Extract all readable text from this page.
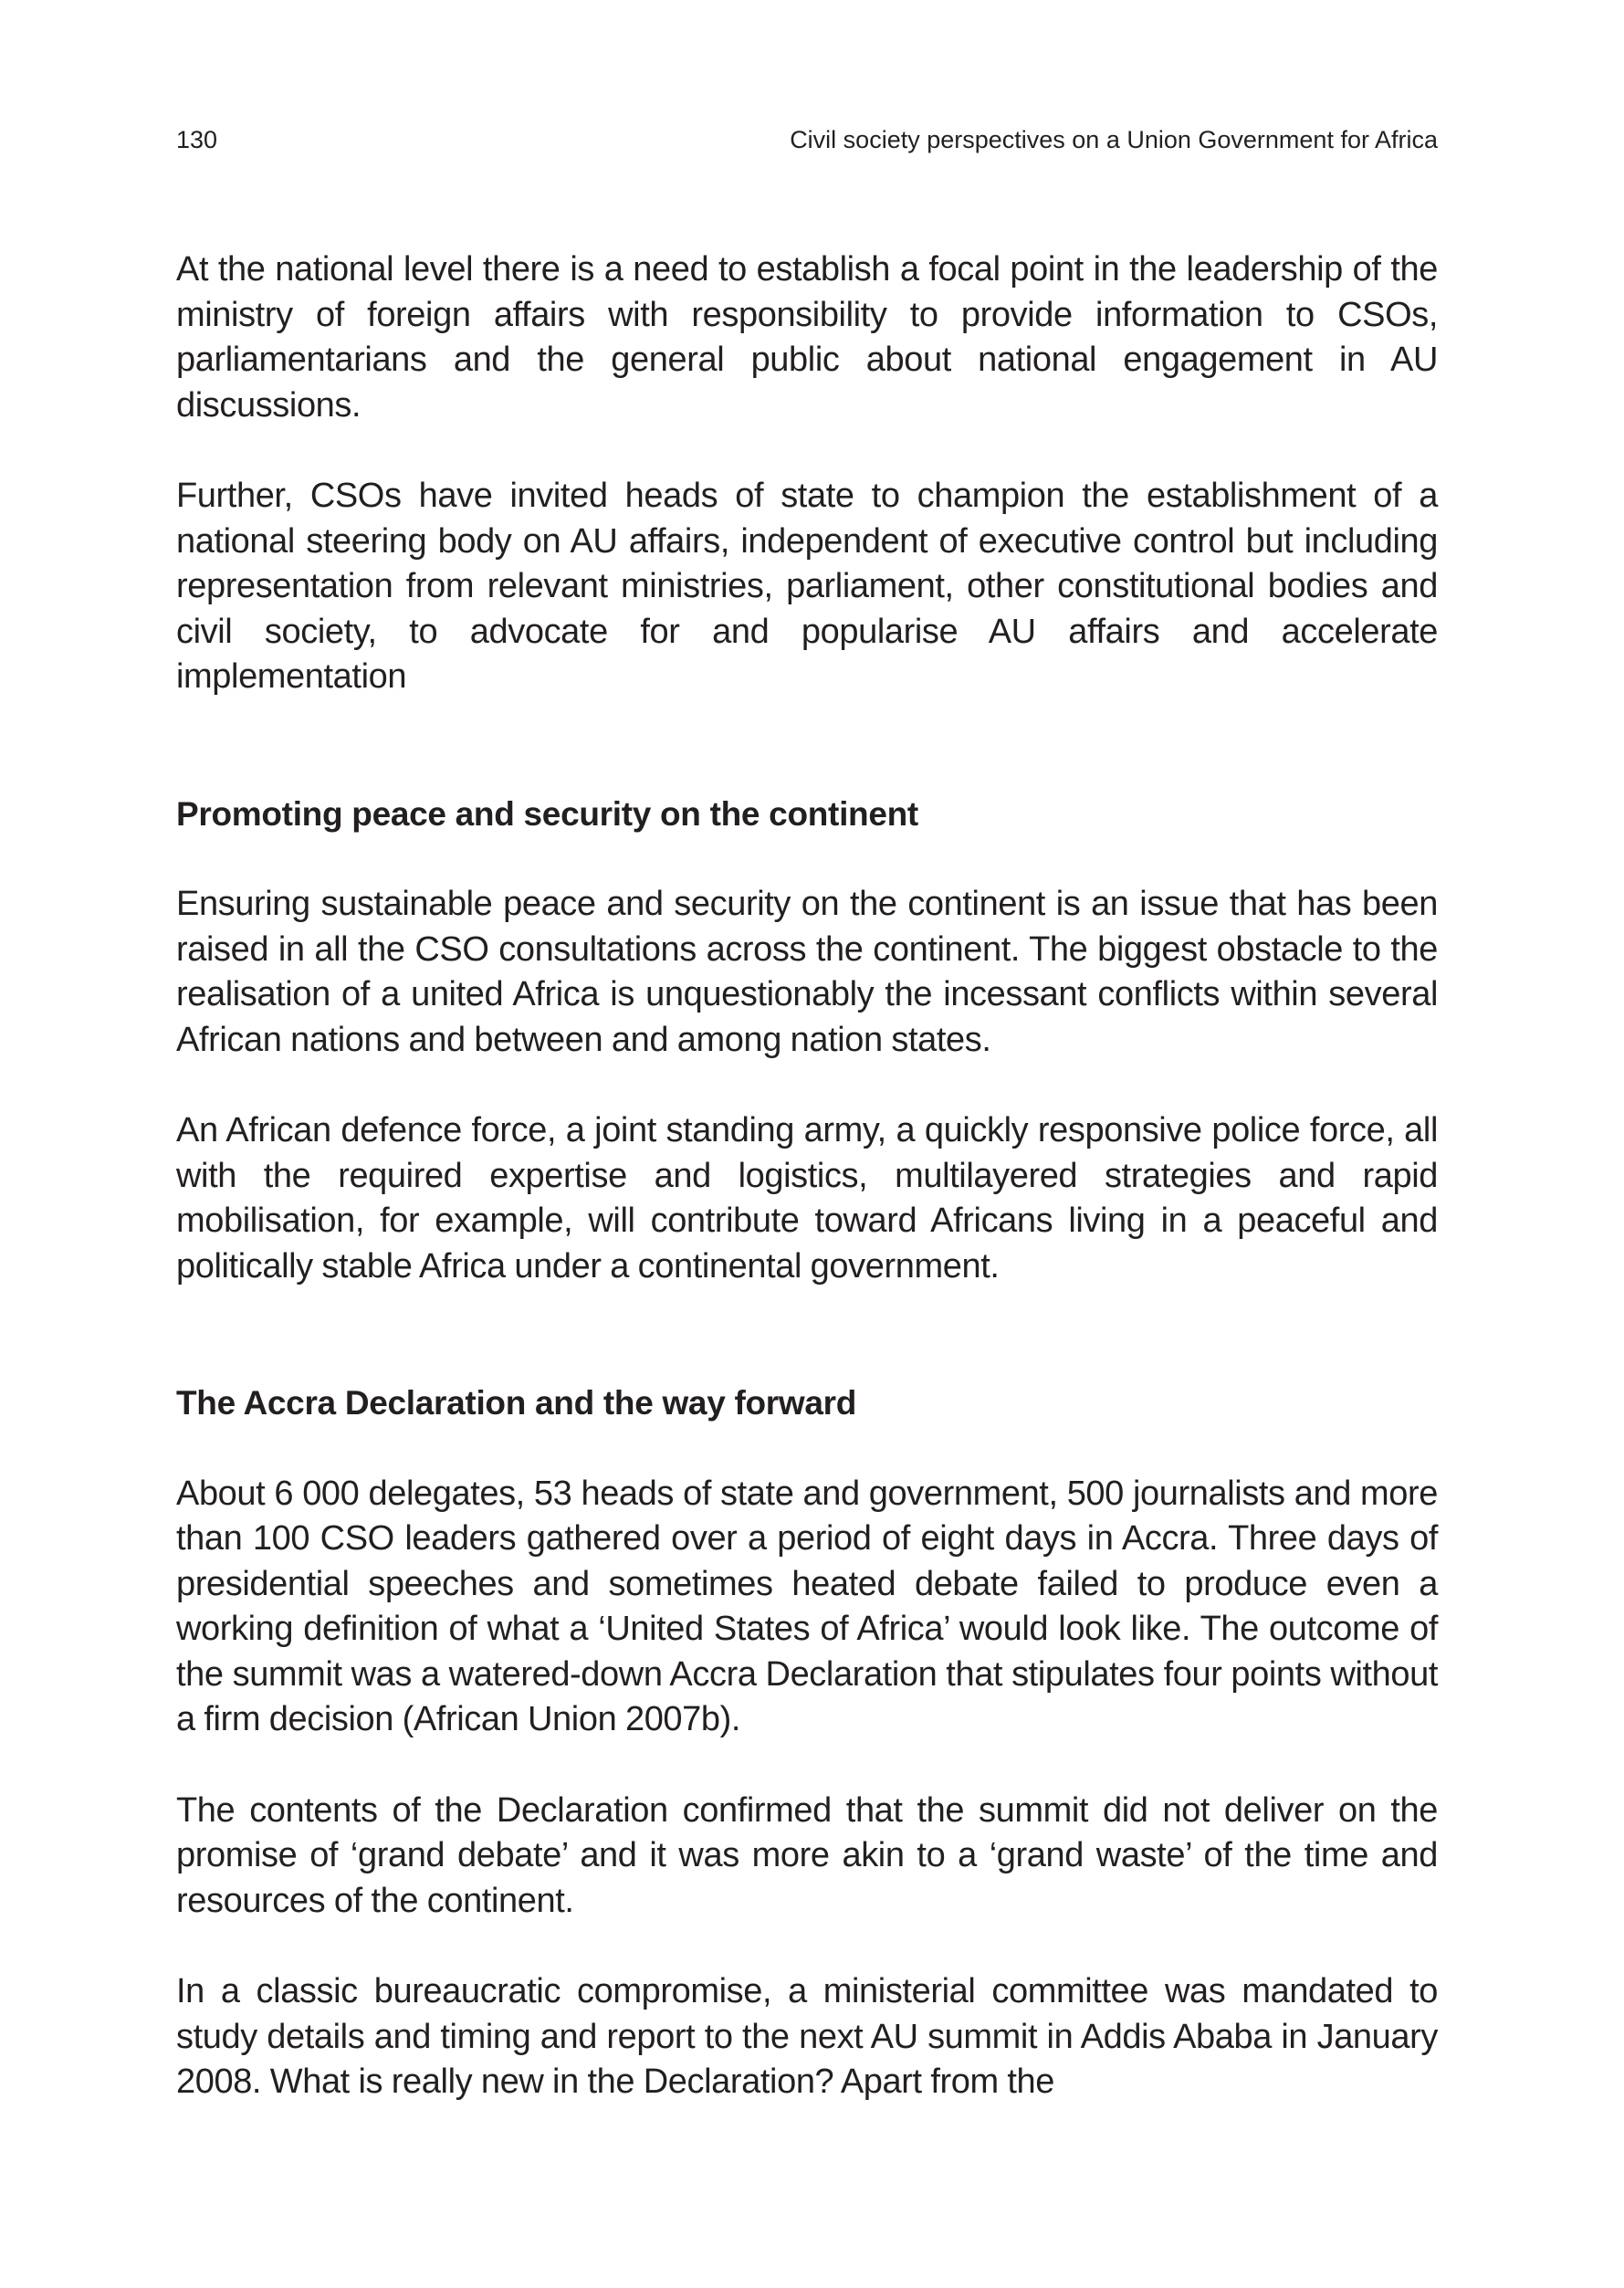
130	Civil society perspectives on a Union Government for Africa

At the national level there is a need to establish a focal point in the leadership of the ministry of foreign affairs with responsibility to provide information to CSOs, parliamentarians and the general public about national engagement in AU discussions.

Further, CSOs have invited heads of state to champion the establishment of a national steering body on AU affairs, independent of executive control but including representation from relevant ministries, parliament, other constitutional bodies and civil society, to advocate for and popularise AU affairs and accelerate implementation

Promoting peace and security on the continent

Ensuring sustainable peace and security on the continent is an issue that has been raised in all the CSO consultations across the continent. The biggest obstacle to the realisation of a united Africa is unquestionably the incessant conflicts within several African nations and between and among nation states.

An African defence force, a joint standing army, a quickly responsive police force, all with the required expertise and logistics, multilayered strategies and rapid mobilisation, for example, will contribute toward Africans living in a peaceful and politically stable Africa under a continental government.

The Accra Declaration and the way forward

About 6 000 delegates, 53 heads of state and government, 500 journalists and more than 100 CSO leaders gathered over a period of eight days in Accra. Three days of presidential speeches and sometimes heated debate failed to produce even a working definition of what a ‘United States of Africa’ would look like. The outcome of the summit was a watered-down Accra Declaration that stipulates four points without a firm decision (African Union 2007b).

The contents of the Declaration confirmed that the summit did not deliver on the promise of ‘grand debate’ and it was more akin to a ‘grand waste’ of the time and resources of the continent.

In a classic bureaucratic compromise, a ministerial committee was mandated to study details and timing and report to the next AU summit in Addis Ababa in January 2008. What is really new in the Declaration? Apart from the
